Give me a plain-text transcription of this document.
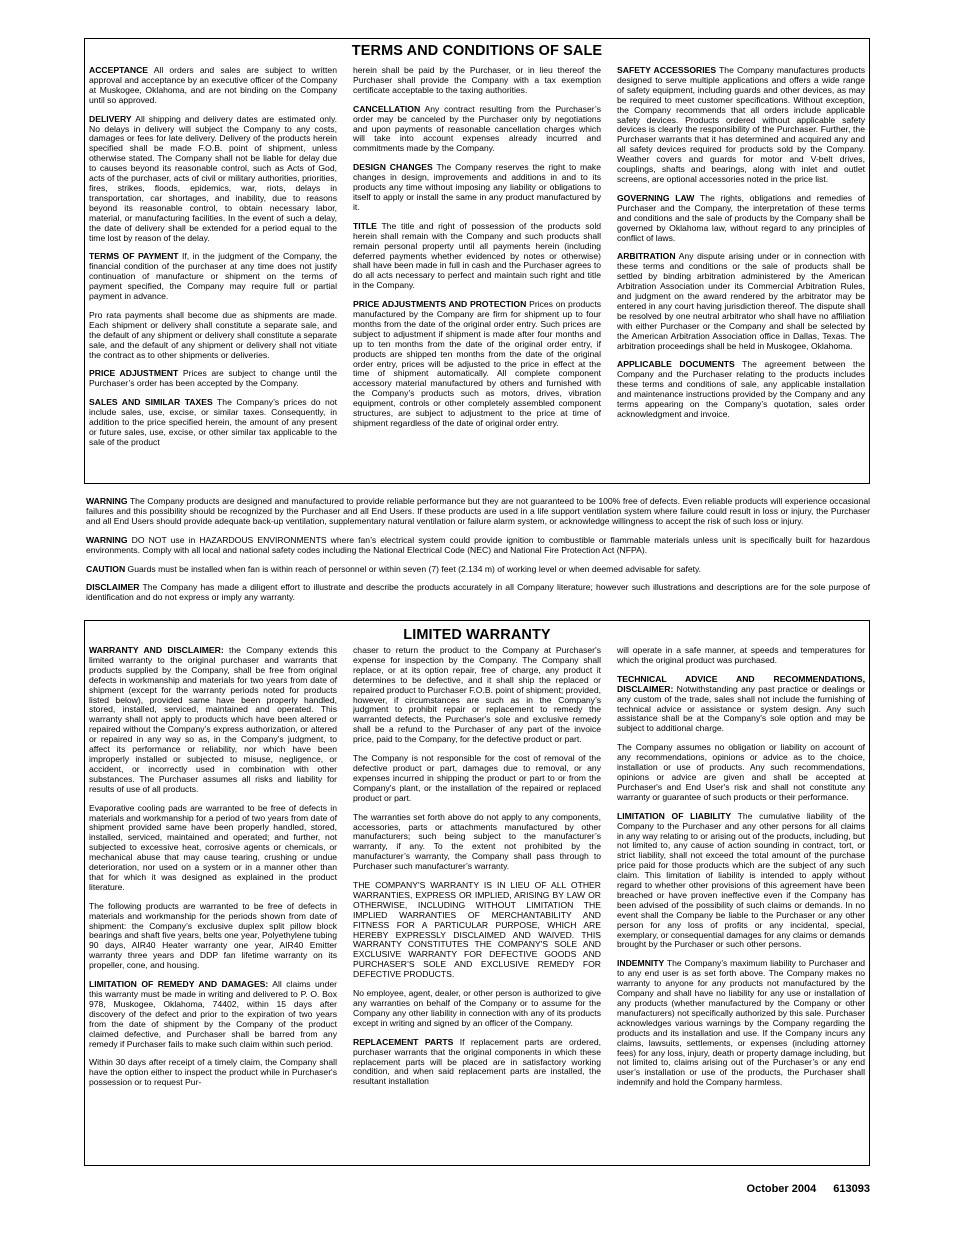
TERMS AND CONDITIONS OF SALE

ACCEPTANCE All orders and sales are subject to written approval and acceptance by an executive officer of the Company at Muskogee, Oklahoma, and are not binding on the Company until so approved.

DELIVERY All shipping and delivery dates are estimated only. No delays in delivery will subject the Company to any costs, damages or fees for late delivery. Delivery of the products herein specified shall be made F.O.B. point of shipment, unless otherwise stated. The Company shall not be liable for delay due to causes beyond its reasonable control, such as Acts of God, acts of the purchaser, acts of civil or military authorities, priorities, fires, strikes, floods, epidemics, war, riots, delays in transportation, car shortages, and inability, due to reasons beyond its reasonable control, to obtain necessary labor, material, or manufacturing facilities. In the event of such a delay, the date of delivery shall be extended for a period equal to the time lost by reason of the delay.

TERMS OF PAYMENT If, in the judgment of the Company, the financial condition of the purchaser at any time does not justify continuation of manufacture or shipment on the terms of payment specified, the Company may require full or partial payment in advance.

Pro rata payments shall become due as shipments are made. Each shipment or delivery shall constitute a separate sale, and the default of any shipment or delivery shall constitute a separate sale, and the default of any shipment or delivery shall not vitiate the contract as to other shipments or deliveries.

PRICE ADJUSTMENT Prices are subject to change until the Purchaser’s order has been accepted by the Company.

SALES AND SIMILAR TAXES The Company’s prices do not include sales, use, excise, or similar taxes. Consequently, in addition to the price specified herein, the amount of any present or future sales, use, excise, or other similar tax applicable to the sale of the product

herein shall be paid by the Purchaser, or in lieu thereof the Purchaser shall provide the Company with a tax exemption certificate acceptable to the taxing authorities.

CANCELLATION Any contract resulting from the Purchaser’s order may be canceled by the Purchaser only by negotiations and upon payments of reasonable cancellation charges which will take into account expenses already incurred and commitments made by the Company.

DESIGN CHANGES The Company reserves the right to make changes in design, improvements and additions in and to its products any time without imposing any liability or obligations to itself to apply or install the same in any product manufactured by it.

TITLE The title and right of possession of the products sold herein shall remain with the Company and such products shall remain personal property until all payments herein (including deferred payments whether evidenced by notes or otherwise) shall have been made in full in cash and the Purchaser agrees to do all acts necessary to perfect and maintain such right and title in the Company.

PRICE ADJUSTMENTS AND PROTECTION Prices on products manufactured by the Company are firm for shipment up to four months from the date of the original order entry. Such prices are subject to adjustment if shipment is made after four months and up to ten months from the date of the original order entry, if products are shipped ten months from the date of the original order entry, prices will be adjusted to the price in effect at the time of shipment automatically. All complete component accessory material manufactured by others and furnished with the Company’s products such as motors, drives, vibration equipment, controls or other completely assembled component structures, are subject to adjustment to the price at time of shipment regardless of the date of original order entry.

SAFETY ACCESSORIES The Company manufactures products designed to serve multiple applications and offers a wide range of safety equipment, including guards and other devices, as may be required to meet customer specifications. Without exception, the Company recommends that all orders include applicable safety devices. Products ordered without applicable safety devices is clearly the responsibility of the Purchaser. Further, the Purchaser warrants that it has determined and acquired any and all safety devices required for products sold by the Company. Weather covers and guards for motor and V-belt drives, couplings, shafts and bearings, along with inlet and outlet screens, are optional accessories noted in the price list.

GOVERNING LAW The rights, obligations and remedies of Purchaser and the Company, the interpretation of these terms and conditions and the sale of products by the Company shall be governed by Oklahoma law, without regard to any principles of conflict of laws.

ARBITRATION Any dispute arising under or in connection with these terms and conditions or the sale of products shall be settled by binding arbitration administered by the American Arbitration Association under its Commercial Arbitration Rules, and judgment on the award rendered by the arbitrator may be entered in any court having jurisdiction thereof. The dispute shall be resolved by one neutral arbitrator who shall have no affiliation with either Purchaser or the Company and shall be selected by the American Arbitration Association office in Dallas, Texas. The arbitration proceedings shall be held in Muskogee, Oklahoma.

APPLICABLE DOCUMENTS The agreement between the Company and the Purchaser relating to the products includes these terms and conditions of sale, any applicable installation and maintenance instructions provided by the Company and any terms appearing on the Company’s quotation, sales order acknowledgment and invoice.

WARNING The Company products are designed and manufactured to provide reliable performance but they are not guaranteed to be 100% free of defects. Even reliable products will experience occasional failures and this possibility should be recognized by the Purchaser and all End Users. If these products are used in a life support ventilation system where failure could result in loss or injury, the Purchaser and all End Users should provide adequate back-up ventilation, supplementary natural ventilation or failure alarm system, or acknowledge willingness to accept the risk of such loss or injury.

WARNING DO NOT use in HAZARDOUS ENVIRONMENTS where fan’s electrical system could provide ignition to combustible or flammable materials unless unit is specifically built for hazardous environments. Comply with all local and national safety codes including the National Electrical Code (NEC) and National Fire Protection Act (NFPA).

CAUTION Guards must be installed when fan is within reach of personnel or within seven (7) feet (2.134 m) of working level or when deemed advisable for safety.

DISCLAIMER The Company has made a diligent effort to illustrate and describe the products accurately in all Company literature; however such illustrations and descriptions are for the sole purpose of identification and do not express or imply any warranty.

LIMITED WARRANTY

WARRANTY AND DISCLAIMER: the Company extends this limited warranty to the original purchaser and warrants that products supplied by the Company, shall be free from original defects in workmanship and materials for two years from date of shipment (except for the warranty periods noted for products listed below), provided same have been properly handled, stored, installed, serviced, maintained and operated. This warranty shall not apply to products which have been altered or repaired without the Company’s express authorization, or altered or repaired in any way so as, in the Company’s judgment, to affect its performance or reliability, nor which have been improperly installed or subjected to misuse, negligence, or accident, or incorrectly used in combination with other substances. The Purchaser assumes all risks and liability for results of use of all products.

Evaporative cooling pads are warranted to be free of defects in materials and workmanship for a period of two years from date of shipment provided same have been properly handled, stored, installed, serviced, maintained and operated; and further, not subjected to excessive heat, corrosive agents or chemicals, or mechanical abuse that may cause tearing, crushing or undue deterioration, nor used on a system or in a manner other than that for which it was designed as explained in the product literature.

The following products are warranted to be free of defects in materials and workmanship for the periods shown from date of shipment: the Company’s exclusive duplex split pillow block bearings and shaft five years, belts one year, Polyethylene tubing 90 days, AIR40 Heater warranty one year, AIR40 Emitter warranty three years and DDP fan lifetime warranty on its propeller, cone, and housing.

LIMITATION OF REMEDY AND DAMAGES: All claims under this warranty must be made in writing and delivered to P. O. Box 978, Muskogee, Oklahoma, 74402, within 15 days after discovery of the defect and prior to the expiration of two years from the date of shipment by the Company of the product claimed defective, and Purchaser shall be barred from any remedy if Purchaser fails to make such claim within such period.

Within 30 days after receipt of a timely claim, the Company shall have the option either to inspect the product while in Purchaser's possession or to request Pur-

chaser to return the product to the Company at Purchaser's expense for inspection by the Company. The Company shall replace, or at its option repair, free of charge, any product it determines to be defective, and it shall ship the replaced or repaired product to Purchaser F.O.B. point of shipment; provided, however, if circumstances are such as in the Company’s judgment to prohibit repair or replacement to remedy the warranted defects, the Purchaser's sole and exclusive remedy shall be a refund to the Purchaser of any part of the invoice price, paid to the Company, for the defective product or part.

The Company is not responsible for the cost of removal of the defective product or part, damages due to removal, or any expenses incurred in shipping the product or part to or from the Company's plant, or the installation of the repaired or replaced product or part.

The warranties set forth above do not apply to any components, accessories, parts or attachments manufactured by other manufacturers; such being subject to the manufacturer’s warranty, if any. To the extent not prohibited by the manufacturer’s warranty, the Company shall pass through to Purchaser such manufacturer’s warranty.

THE COMPANY'S WARRANTY IS IN LIEU OF ALL OTHER WARRANTIES, EXPRESS OR IMPLIED, ARISING BY LAW OR OTHERWISE, INCLUDING WITHOUT LIMITATION THE IMPLIED WARRANTIES OF MERCHANTABILITY AND FITNESS FOR A PARTICULAR PURPOSE, WHICH ARE HEREBY EXPRESSLY DISCLAIMED AND WAIVED. THIS WARRANTY CONSTITUTES THE COMPANY'S SOLE AND EXCLUSIVE WARRANTY FOR DEFECTIVE GOODS AND PURCHASER’S SOLE AND EXCLUSIVE REMEDY FOR DEFECTIVE PRODUCTS.

No employee, agent, dealer, or other person is authorized to give any warranties on behalf of the Company or to assume for the Company any other liability in connection with any of its products except in writing and signed by an officer of the Company.

REPLACEMENT PARTS If replacement parts are ordered, purchaser warrants that the original components in which these replacement parts will be placed are in satisfactory working condition, and when said replacement parts are installed, the resultant installation

will operate in a safe manner, at speeds and temperatures for which the original product was purchased.

TECHNICAL ADVICE AND RECOMMENDATIONS, DISCLAIMER: Notwithstanding any past practice or dealings or any custom of the trade, sales shall not include the furnishing of technical advice or assistance or system design. Any such assistance shall be at the Company's sole option and may be subject to additional charge.

The Company assumes no obligation or liability on account of any recommendations, opinions or advice as to the choice, installation or use of products. Any such recommendations, opinions or advice are given and shall be accepted at Purchaser's and End User's risk and shall not constitute any warranty or guarantee of such products or their performance.

LIMITATION OF LIABILITY The cumulative liability of the Company to the Purchaser and any other persons for all claims in any way relating to or arising out of the products, including, but not limited to, any cause of action sounding in contract, tort, or strict liability, shall not exceed the total amount of the purchase price paid for those products which are the subject of any such claim. This limitation of liability is intended to apply without regard to whether other provisions of this agreement have been breached or have proven ineffective even if the Company has been advised of the possibility of such claims or demands. In no event shall the Company be liable to the Purchaser or any other person for any loss of profits or any incidental, special, exemplary, or consequential damages for any claims or demands brought by the Purchaser or such other persons.

INDEMNITY The Company’s maximum liability to Purchaser and to any end user is as set forth above. The Company makes no warranty to anyone for any products not manufactured by the Company and shall have no liability for any use or installation of any products (whether manufactured by the Company or other manufacturers) not specifically authorized by this sale. Purchaser acknowledges various warnings by the Company regarding the products and its installation and use. If the Company incurs any claims, lawsuits, settlements, or expenses (including attorney fees) for any loss, injury, death or property damage including, but not limited to, claims arising out of the Purchaser’s or any end user’s installation or use of the products, the Purchaser shall indemnify and hold the Company harmless.

October 2004 613093
